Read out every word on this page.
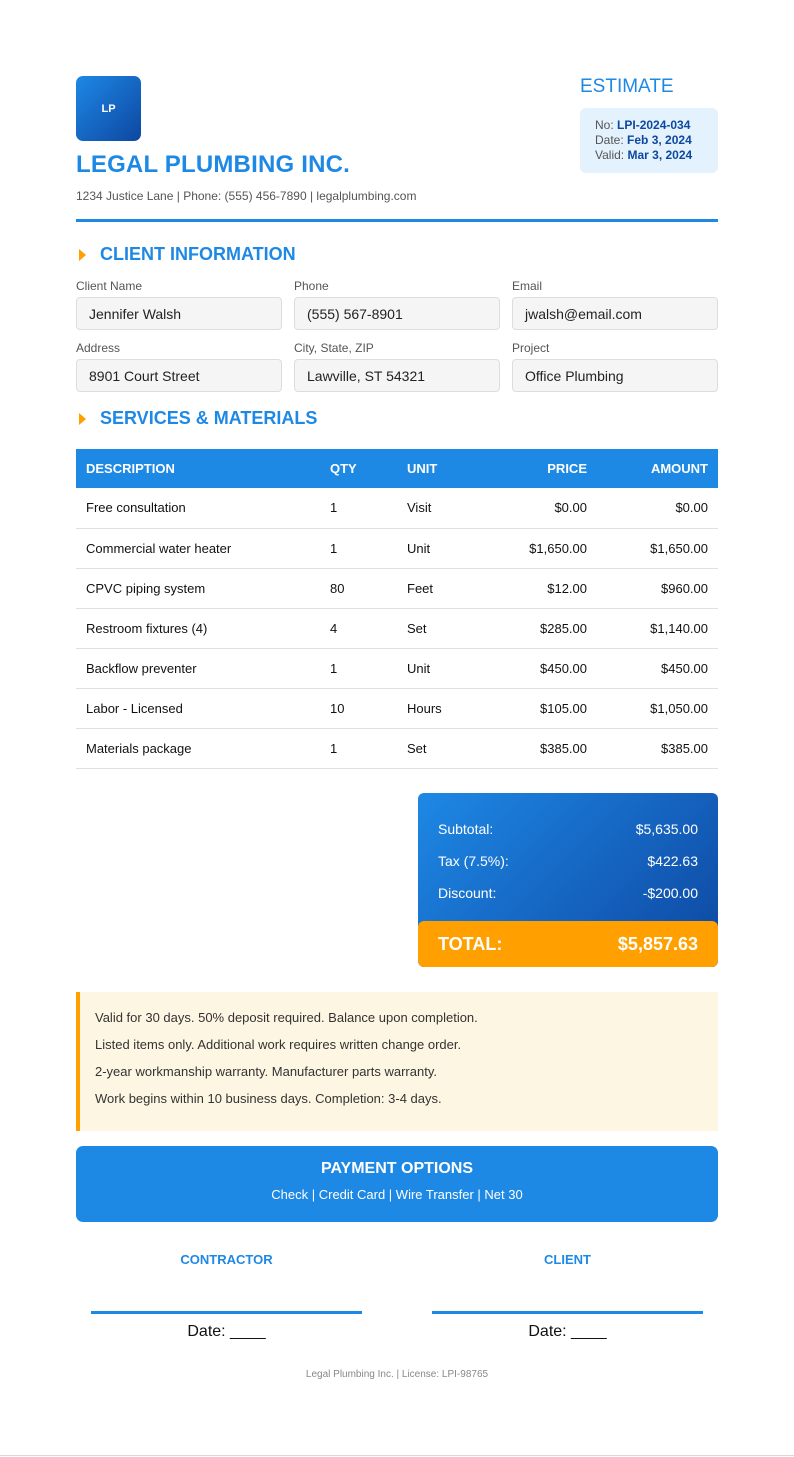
LP
LEGAL PLUMBING INC.
1234 Justice Lane | Phone: (555) 456-7890 | legalplumbing.com
ESTIMATE
No: LPI-2024-034
Date: Feb 3, 2024
Valid: Mar 3, 2024
CLIENT INFORMATION
Client Name
Jennifer Walsh
Phone
(555) 567-8901
Email
jwalsh@email.com
Address
8901 Court Street
City, State, ZIP
Lawville, ST 54321
Project
Office Plumbing
SERVICES & MATERIALS
DESCRIPTION	QTY	UNIT	PRICE	AMOUNT
Free consultation	1	Visit	$0.00	$0.00
Commercial water heater	1	Unit	$1,650.00	$1,650.00
CPVC piping system	80	Feet	$12.00	$960.00
Restroom fixtures (4)	4	Set	$285.00	$1,140.00
Backflow preventer	1	Unit	$450.00	$450.00
Labor - Licensed	10	Hours	$105.00	$1,050.00
Materials package	1	Set	$385.00	$385.00
Subtotal:	$5,635.00
Tax (7.5%):	$422.63
Discount:	-$200.00
TOTAL:	$5,857.63

Valid for 30 days. 50% deposit required. Balance upon completion.

Listed items only. Additional work requires written change order.

2-year workmanship warranty. Manufacturer parts warranty.

Work begins within 10 business days. Completion: 3-4 days.

PAYMENT OPTIONS
Check | Credit Card | Wire Transfer | Net 30
CONTRACTOR
Date: ____
CLIENT
Date: ____
Legal Plumbing Inc. | License: LPI-98765
